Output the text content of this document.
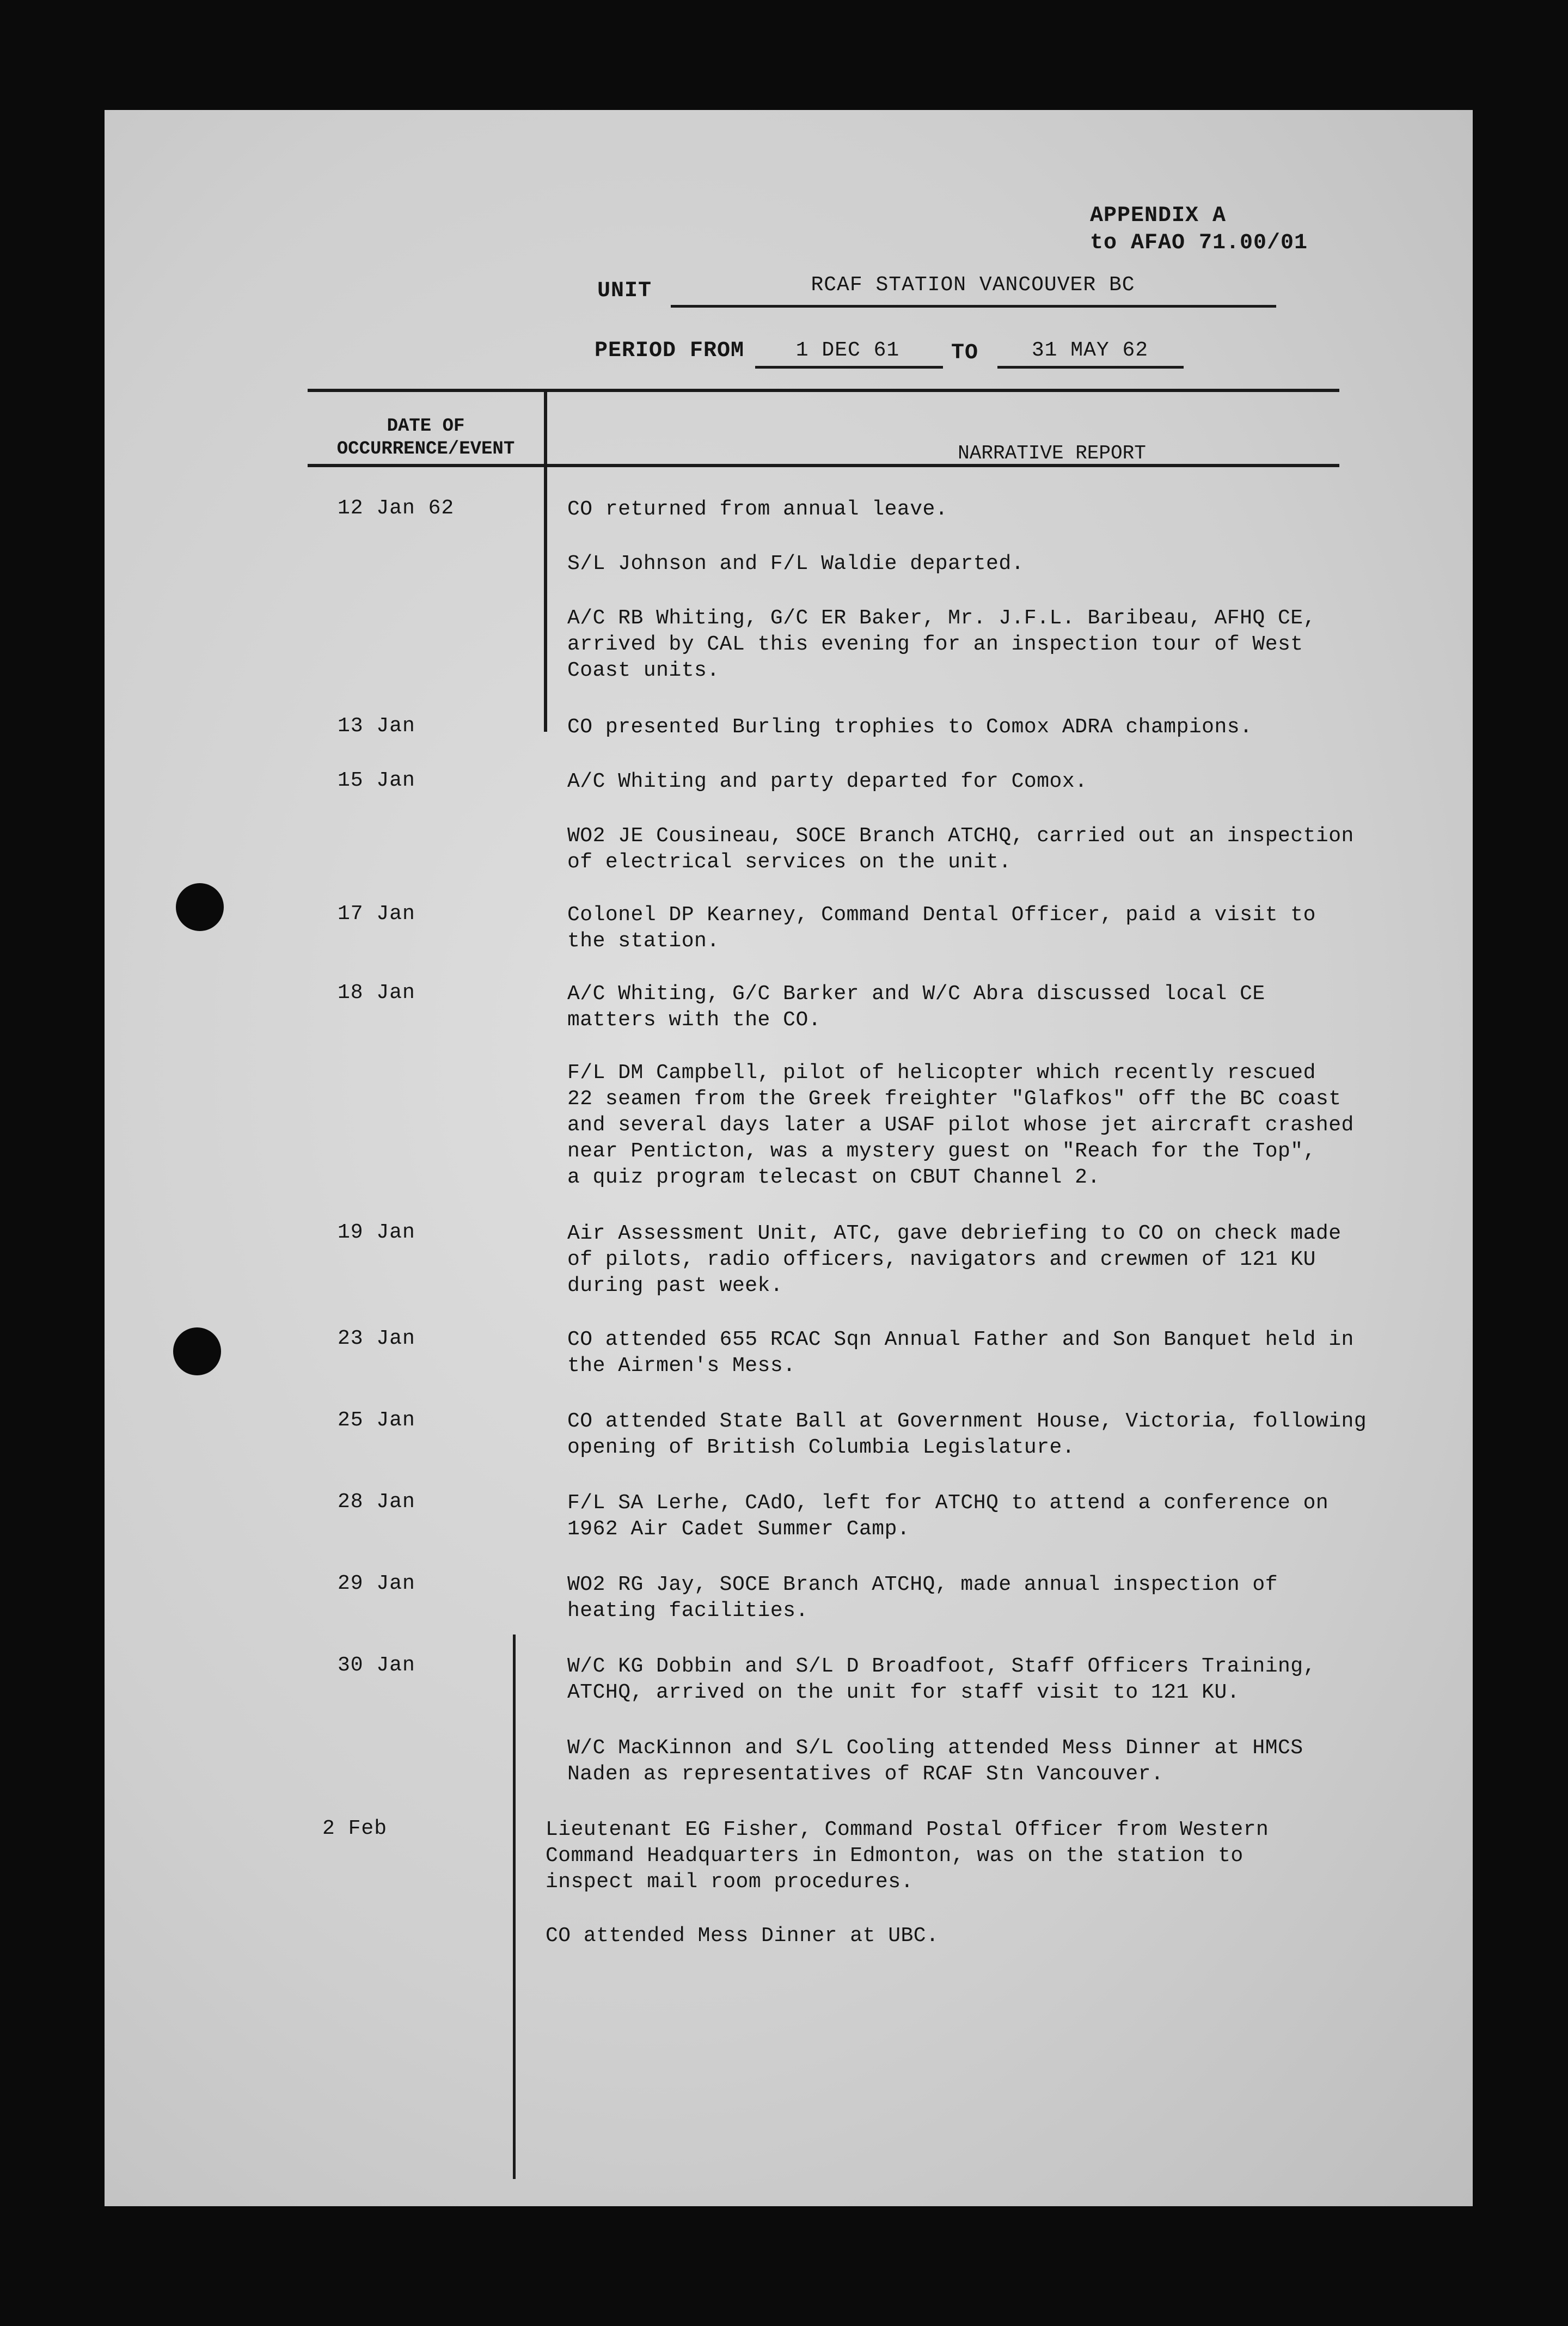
APPENDIX A
to AFAO 71.00/01
UNIT	RCAF STATION VANCOUVER BC
PERIOD FROM	1 DEC 61	TO	31 MAY 62
DATE OF
OCCURRENCE/EVENT	NARRATIVE REPORT
12 Jan 62	CO returned from annual leave.
S/L Johnson and F/L Waldie departed.
A/C RB Whiting, G/C ER Baker, Mr. J.F.L. Baribeau, AFHQ CE,
arrived by CAL this evening for an inspection tour of West
Coast units.
13 Jan	CO presented Burling trophies to Comox ADRA champions.
15 Jan	A/C Whiting and party departed for Comox.
WO2 JE Cousineau, SOCE Branch ATCHQ, carried out an inspection
of electrical services on the unit.
17 Jan	Colonel DP Kearney, Command Dental Officer, paid a visit to
the station.
18 Jan	A/C Whiting, G/C Barker and W/C Abra discussed local CE
matters with the CO.
F/L DM Campbell, pilot of helicopter which recently rescued
22 seamen from the Greek freighter "Glafkos" off the BC coast
and several days later a USAF pilot whose jet aircraft crashed
near Penticton, was a mystery guest on "Reach for the Top",
a quiz program telecast on CBUT Channel 2.
19 Jan	Air Assessment Unit, ATC, gave debriefing to CO on check made
of pilots, radio officers, navigators and crewmen of 121 KU
during past week.
23 Jan	CO attended 655 RCAC Sqn Annual Father and Son Banquet held in
the Airmen's Mess.
25 Jan	CO attended State Ball at Government House, Victoria, following
opening of British Columbia Legislature.
28 Jan	F/L SA Lerhe, CAdO, left for ATCHQ to attend a conference on
1962 Air Cadet Summer Camp.
29 Jan	WO2 RG Jay, SOCE Branch ATCHQ, made annual inspection of
heating facilities.
30 Jan	W/C KG Dobbin and S/L D Broadfoot, Staff Officers Training,
ATCHQ, arrived on the unit for staff visit to 121 KU.
W/C MacKinnon and S/L Cooling attended Mess Dinner at HMCS
Naden as representatives of RCAF Stn Vancouver.
2 Feb	Lieutenant EG Fisher, Command Postal Officer from Western
Command Headquarters in Edmonton, was on the station to
inspect mail room procedures.
CO attended Mess Dinner at UBC.
